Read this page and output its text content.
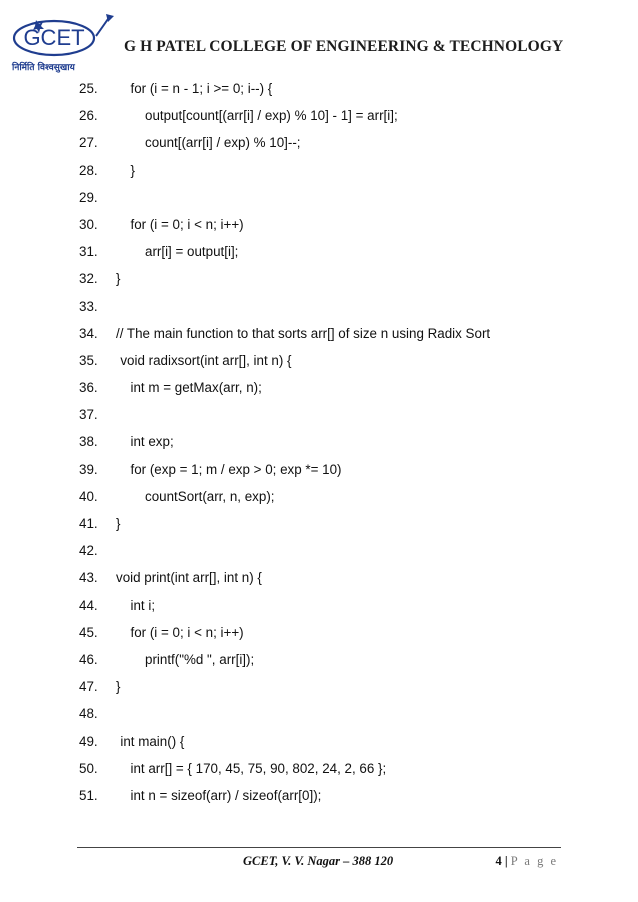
GCET
निर्मिति विश्वसुखाय
G H PATEL COLLEGE OF ENGINEERING & TECHNOLOGY
25. for (i = n - 1; i >= 0; i--) {
26.	output[count[(arr[i] / exp) % 10] - 1] = arr[i];
27.	count[(arr[i] / exp) % 10]--;
28. }
29.
30. for (i = 0; i < n; i++)
31.	arr[i] = output[i];
32. }
33.
34. // The main function to that sorts arr[] of size n using Radix Sort
35. void radixsort(int arr[], int n) {
36. int m = getMax(arr, n);
37.
38. int exp;
39. for (exp = 1; m / exp > 0; exp *= 10)
40.	countSort(arr, n, exp);
41. }
42.
43. void print(int arr[], int n) {
44. int i;
45. for (i = 0; i < n; i++)
46.	printf("%d ", arr[i]);
47. }
48.
49. int main() {
50. int arr[] = { 170, 45, 75, 90, 802, 24, 2, 66 };
51. int n = sizeof(arr) / sizeof(arr[0]);
GCET, V. V. Nagar – 388 120	4 | P a g e
